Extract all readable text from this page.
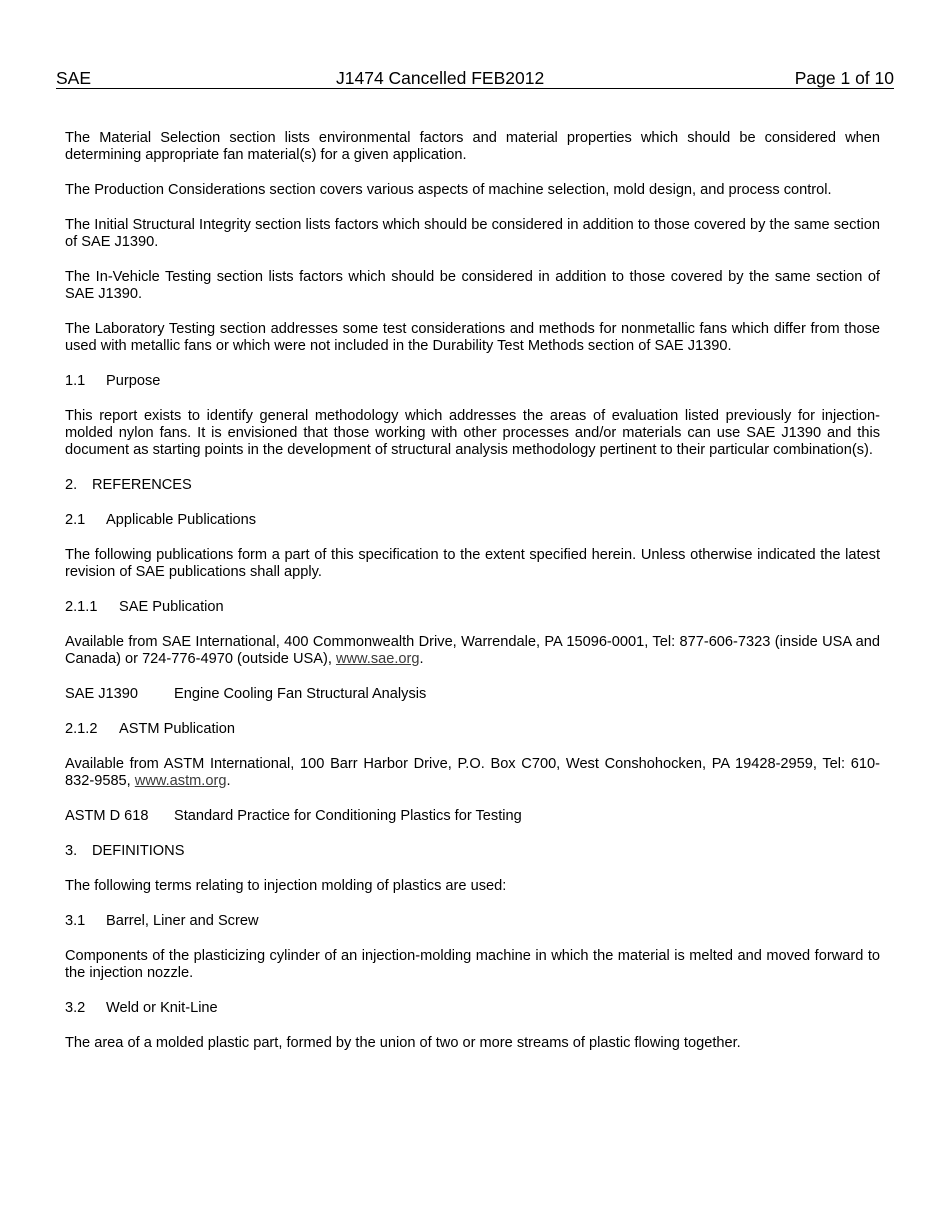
SAE	J1474 Cancelled FEB2012	Page 1 of 10

The Material Selection section lists environmental factors and material properties which should be considered when determining appropriate fan material(s) for a given application.

The Production Considerations section covers various aspects of machine selection, mold design, and process control.

The Initial Structural Integrity section lists factors which should be considered in addition to those covered by the same section of SAE J1390.

The In-Vehicle Testing section lists factors which should be considered in addition to those covered by the same section of SAE J1390.

The Laboratory Testing section addresses some test considerations and methods for nonmetallic fans which differ from those used with metallic fans or which were not included in the Durability Test Methods section of SAE J1390.

1.1 Purpose

This report exists to identify general methodology which addresses the areas of evaluation listed previously for injection-molded nylon fans. It is envisioned that those working with other processes and/or materials can use SAE J1390 and this document as starting points in the development of structural analysis methodology pertinent to their particular combination(s).

2. REFERENCES

2.1 Applicable Publications

The following publications form a part of this specification to the extent specified herein. Unless otherwise indicated the latest revision of SAE publications shall apply.

2.1.1 SAE Publication

Available from SAE International, 400 Commonwealth Drive, Warrendale, PA 15096-0001, Tel: 877-606-7323 (inside USA and Canada) or 724-776-4970 (outside USA), www.sae.org.

SAE J1390 Engine Cooling Fan Structural Analysis

2.1.2 ASTM Publication

Available from ASTM International, 100 Barr Harbor Drive, P.O. Box C700, West Conshohocken, PA 19428-2959, Tel: 610-832-9585, www.astm.org.

ASTM D 618 Standard Practice for Conditioning Plastics for Testing

3. DEFINITIONS

The following terms relating to injection molding of plastics are used:

3.1 Barrel, Liner and Screw

Components of the plasticizing cylinder of an injection-molding machine in which the material is melted and moved forward to the injection nozzle.

3.2 Weld or Knit-Line

The area of a molded plastic part, formed by the union of two or more streams of plastic flowing together.
